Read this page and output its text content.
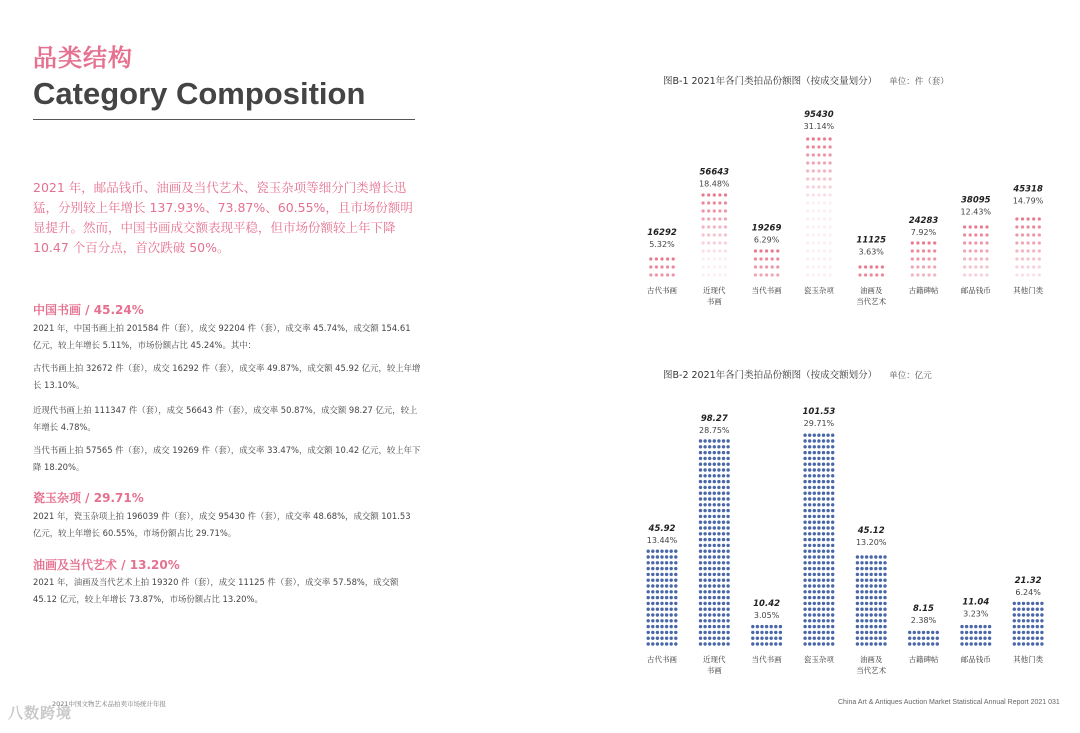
品类结构
Category Composition

2021 年，邮品钱币、油画及当代艺术、瓷玉杂项等细分门类增长迅猛，分别较上年增长 137.93%、73.87%、60.55%，且市场份额明显提升。然而，中国书画成交额表现平稳，但市场份额较上年下降 10.47 个百分点，首次跌破 50%。

中国书画 / 45.24%

2021 年，中国书画上拍 201584 件（套），成交 92204 件（套），成交率 45.74%，成交额 154.61 亿元，较上年增长 5.11%，市场份额占比 45.24%。其中：

古代书画上拍 32672 件（套），成交 16292 件（套），成交率 49.87%，成交额 45.92 亿元，较上年增长 13.10%。

近现代书画上拍 111347 件（套），成交 56643 件（套），成交率 50.87%，成交额 98.27 亿元，较上年增长 4.78%。

当代书画上拍 57565 件（套），成交 19269 件（套），成交率 33.47%，成交额 10.42 亿元，较上年下降 18.20%。

瓷玉杂项 / 29.71%

2021 年，瓷玉杂项上拍 196039 件（套），成交 95430 件（套），成交率 48.68%，成交额 101.53 亿元，较上年增长 60.55%，市场份额占比 29.71%。

油画及当代艺术 / 13.20%

2021 年，油画及当代艺术上拍 19320 件（套），成交 11125 件（套），成交率 57.58%，成交额 45.12 亿元，较上年增长 73.87%，市场份额占比 13.20%。

八数跨境
2021中国文物艺术品拍卖市场统计年报	China Art & Antiques Auction Market Statistical Annual Report 2021 031
图B-1 2021年各门类拍品份额图（按成交量划分） 单位：件（套）
16292
5.32%
古代书画
56643
18.48%
近现代
书画
19269
6.29%
当代书画
95430
31.14%
瓷玉杂项
11125
3.63%
油画及
当代艺术
24283
7.92%
古籍碑帖
38095
12.43%
邮品钱币
45318
14.79%
其他门类
图B-2 2021年各门类拍品份额图（按成交额划分） 单位：亿元
45.92
13.44%
古代书画
98.27
28.75%
近现代
书画
10.42
3.05%
当代书画
101.53
29.71%
瓷玉杂项
45.12
13.20%
油画及
当代艺术
8.15
2.38%
古籍碑帖
11.04
3.23%
邮品钱币
21.32
6.24%
其他门类
